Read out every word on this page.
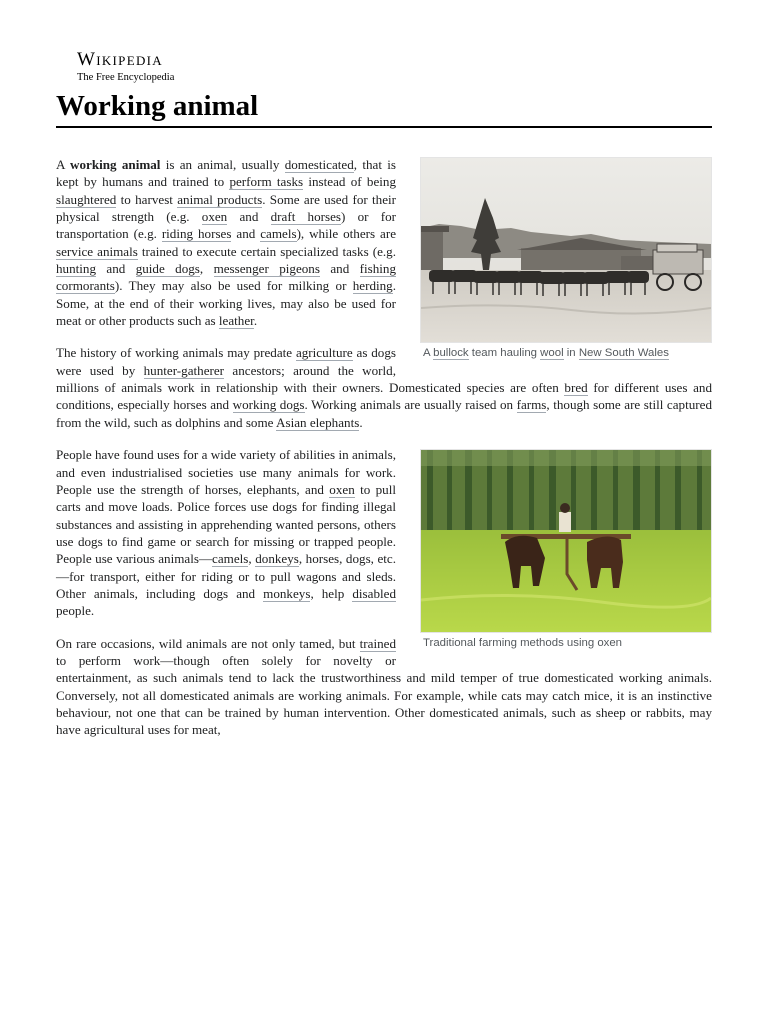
Wikipedia
The Free Encyclopedia
Working animal
A bullock team hauling wool in New South Wales

A working animal is an animal, usually domesticated, that is kept by humans and trained to perform tasks instead of being slaughtered to harvest animal products. Some are used for their physical strength (e.g. oxen and draft horses) or for transportation (e.g. riding horses and camels), while others are service animals trained to execute certain specialized tasks (e.g. hunting and guide dogs, messenger pigeons and fishing cormorants). They may also be used for milking or herding. Some, at the end of their working lives, may also be used for meat or other products such as leather.

The history of working animals may predate agriculture as dogs were used by hunter-gatherer ancestors; around the world, millions of animals work in relationship with their owners. Domesticated species are often bred for different uses and conditions, especially horses and working dogs. Working animals are usually raised on farms, though some are still captured from the wild, such as dolphins and some Asian elephants.

Traditional farming methods using oxen

People have found uses for a wide variety of abilities in animals, and even industrialised societies use many animals for work. People use the strength of horses, elephants, and oxen to pull carts and move loads. Police forces use dogs for finding illegal substances and assisting in apprehending wanted persons, others use dogs to find game or search for missing or trapped people. People use various animals—camels, donkeys, horses, dogs, etc.—for transport, either for riding or to pull wagons and sleds. Other animals, including dogs and monkeys, help disabled people.

On rare occasions, wild animals are not only tamed, but trained to perform work—though often solely for novelty or entertainment, as such animals tend to lack the trustworthiness and mild temper of true domesticated working animals. Conversely, not all domesticated animals are working animals. For example, while cats may catch mice, it is an instinctive behaviour, not one that can be trained by human intervention. Other domesticated animals, such as sheep or rabbits, may have agricultural uses for meat,
